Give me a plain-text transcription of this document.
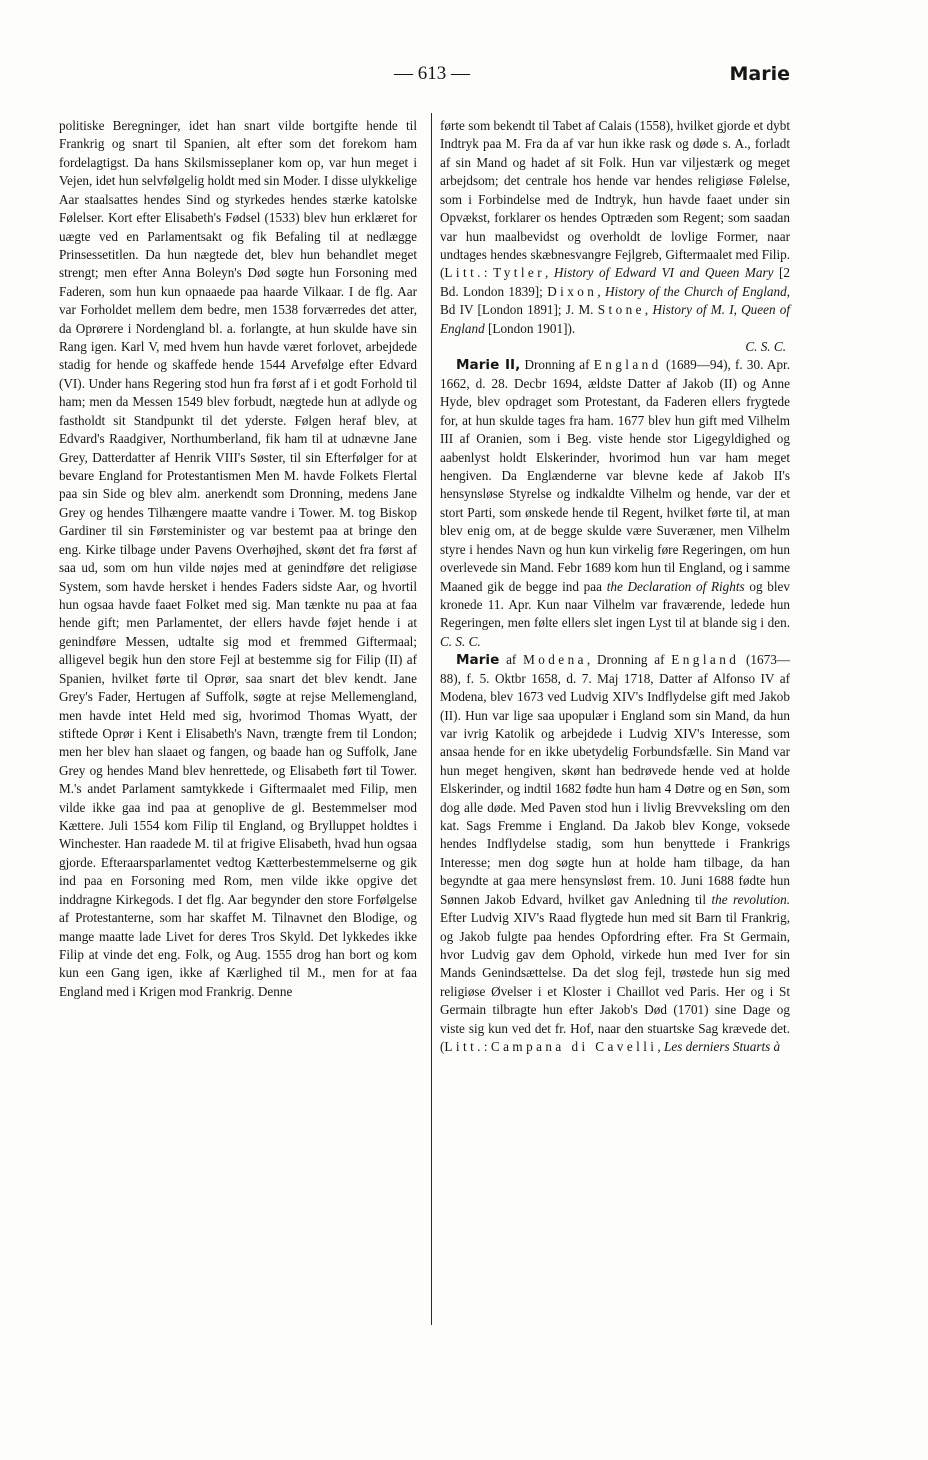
— 613 —	Marie

politiske Beregninger, idet han snart vilde bortgifte hende til Frankrig og snart til Spanien, alt efter som det forekom ham fordelagtigst. Da hans Skilsmisseplaner kom op, var hun meget i Vejen, idet hun selvfølgelig holdt med sin Moder. I disse ulykkelige Aar staalsattes hendes Sind og styrkedes hendes stærke katolske Følelser. Kort efter Elisabeth's Fødsel (1533) blev hun erklæret for uægte ved en Parlamentsakt og fik Befaling til at nedlægge Prinsessetitlen. Da hun nægtede det, blev hun behandlet meget strengt; men efter Anna Boleyn's Død søgte hun Forsoning med Faderen, som hun kun opnaaede paa haarde Vilkaar. I de flg. Aar var Forholdet mellem dem bedre, men 1538 forværredes det atter, da Oprørere i Nordengland bl. a. forlangte, at hun skulde have sin Rang igen. Karl V, med hvem hun havde været forlovet, arbejdede stadig for hende og skaffede hende 1544 Arvefølge efter Edvard (VI). Under hans Regering stod hun fra først af i et godt Forhold til ham; men da Messen 1549 blev forbudt, nægtede hun at adlyde og fastholdt sit Standpunkt til det yderste. Følgen heraf blev, at Edvard's Raadgiver, Northumberland, fik ham til at udnævne Jane Grey, Datterdatter af Henrik VIII's Søster, til sin Efterfølger for at bevare England for Protestantismen Men M. havde Folkets Flertal paa sin Side og blev alm. anerkendt som Dronning, medens Jane Grey og hendes Tilhængere maatte vandre i Tower. M. tog Biskop Gardiner til sin Førsteminister og var bestemt paa at bringe den eng. Kirke tilbage under Pavens Overhøjhed, skønt det fra først af saa ud, som om hun vilde nøjes med at genindføre det religiøse System, som havde hersket i hendes Faders sidste Aar, og hvortil hun ogsaa havde faaet Folket med sig. Man tænkte nu paa at faa hende gift; men Parlamentet, der ellers havde føjet hende i at genindføre Messen, udtalte sig mod et fremmed Giftermaal; alligevel begik hun den store Fejl at bestemme sig for Filip (II) af Spanien, hvilket førte til Oprør, saa snart det blev kendt. Jane Grey's Fader, Hertugen af Suffolk, søgte at rejse Mellemengland, men havde intet Held med sig, hvorimod Thomas Wyatt, der stiftede Oprør i Kent i Elisabeth's Navn, trængte frem til London; men her blev han slaaet og fangen, og baade han og Suffolk, Jane Grey og hendes Mand blev henrettede, og Elisabeth ført til Tower. M.'s andet Parlament samtykkede i Giftermaalet med Filip, men vilde ikke gaa ind paa at genoplive de gl. Bestemmelser mod Kættere. Juli 1554 kom Filip til England, og Brylluppet holdtes i Winchester. Han raadede M. til at frigive Elisabeth, hvad hun ogsaa gjorde. Efteraarsparlamentet vedtog Kætterbestemmelserne og gik ind paa en Forsoning med Rom, men vilde ikke opgive det inddragne Kirkegods. I det flg. Aar begynder den store Forfølgelse af Protestanterne, som har skaffet M. Tilnavnet den Blodige, og mange maatte lade Livet for deres Tros Skyld. Det lykkedes ikke Filip at vinde det eng. Folk, og Aug. 1555 drog han bort og kom kun een Gang igen, ikke af Kærlighed til M., men for at faa England med i Krigen mod Frankrig. Denne

førte som bekendt til Tabet af Calais (1558), hvilket gjorde et dybt Indtryk paa M. Fra da af var hun ikke rask og døde s. A., forladt af sin Mand og hadet af sit Folk. Hun var viljestærk og meget arbejdsom; det centrale hos hende var hendes religiøse Følelse, som i Forbindelse med de Indtryk, hun havde faaet under sin Opvækst, forklarer os hendes Optræden som Regent; som saadan var hun maalbevidst og overholdt de lovlige Former, naar undtages hendes skæbnesvangre Fejlgreb, Giftermaalet med Filip. (Litt.: Tytler, History of Edward VI and Queen Mary [2 Bd. London 1839]; Dixon, History of the Church of England, Bd IV [London 1891]; J. M. Stone, History of M. I, Queen of England [London 1901]).

C. S. C.

Marie II, Dronning af England (1689—94), f. 30. Apr. 1662, d. 28. Decbr 1694, ældste Datter af Jakob (II) og Anne Hyde, blev opdraget som Protestant, da Faderen ellers frygtede for, at hun skulde tages fra ham. 1677 blev hun gift med Vilhelm III af Oranien, som i Beg. viste hende stor Ligegyldighed og aabenlyst holdt Elskerinder, hvorimod hun var ham meget hengiven. Da Englænderne var blevne kede af Jakob II's hensynsløse Styrelse og indkaldte Vilhelm og hende, var der et stort Parti, som ønskede hende til Regent, hvilket førte til, at man blev enig om, at de begge skulde være Suveræner, men Vilhelm styre i hendes Navn og hun kun virkelig føre Regeringen, om hun overlevede sin Mand. Febr 1689 kom hun til England, og i samme Maaned gik de begge ind paa the Declaration of Rights og blev kronede 11. Apr. Kun naar Vilhelm var fraværende, ledede hun Regeringen, men følte ellers slet ingen Lyst til at blande sig i den. C. S. C.

Marie af Modena, Dronning af England (1673—88), f. 5. Oktbr 1658, d. 7. Maj 1718, Datter af Alfonso IV af Modena, blev 1673 ved Ludvig XIV's Indflydelse gift med Jakob (II). Hun var lige saa upopulær i England som sin Mand, da hun var ivrig Katolik og arbejdede i Ludvig XIV's Interesse, som ansaa hende for en ikke ubetydelig Forbundsfælle. Sin Mand var hun meget hengiven, skønt han bedrøvede hende ved at holde Elskerinder, og indtil 1682 fødte hun ham 4 Døtre og en Søn, som dog alle døde. Med Paven stod hun i livlig Brevveksling om den kat. Sags Fremme i England. Da Jakob blev Konge, voksede hendes Indflydelse stadig, som hun benyttede i Frankrigs Interesse; men dog søgte hun at holde ham tilbage, da han begyndte at gaa mere hensynsløst frem. 10. Juni 1688 fødte hun Sønnen Jakob Edvard, hvilket gav Anledning til the revolution. Efter Ludvig XIV's Raad flygtede hun med sit Barn til Frankrig, og Jakob fulgte paa hendes Opfordring efter. Fra St Germain, hvor Ludvig gav dem Ophold, virkede hun med Iver for sin Mands Genindsættelse. Da det slog fejl, trøstede hun sig med religiøse Øvelser i et Kloster i Chaillot ved Paris. Her og i St Germain tilbragte hun efter Jakob's Død (1701) sine Dage og viste sig kun ved det fr. Hof, naar den stuartske Sag krævede det. (Litt.: Campana di Cavelli, Les derniers Stuarts à
